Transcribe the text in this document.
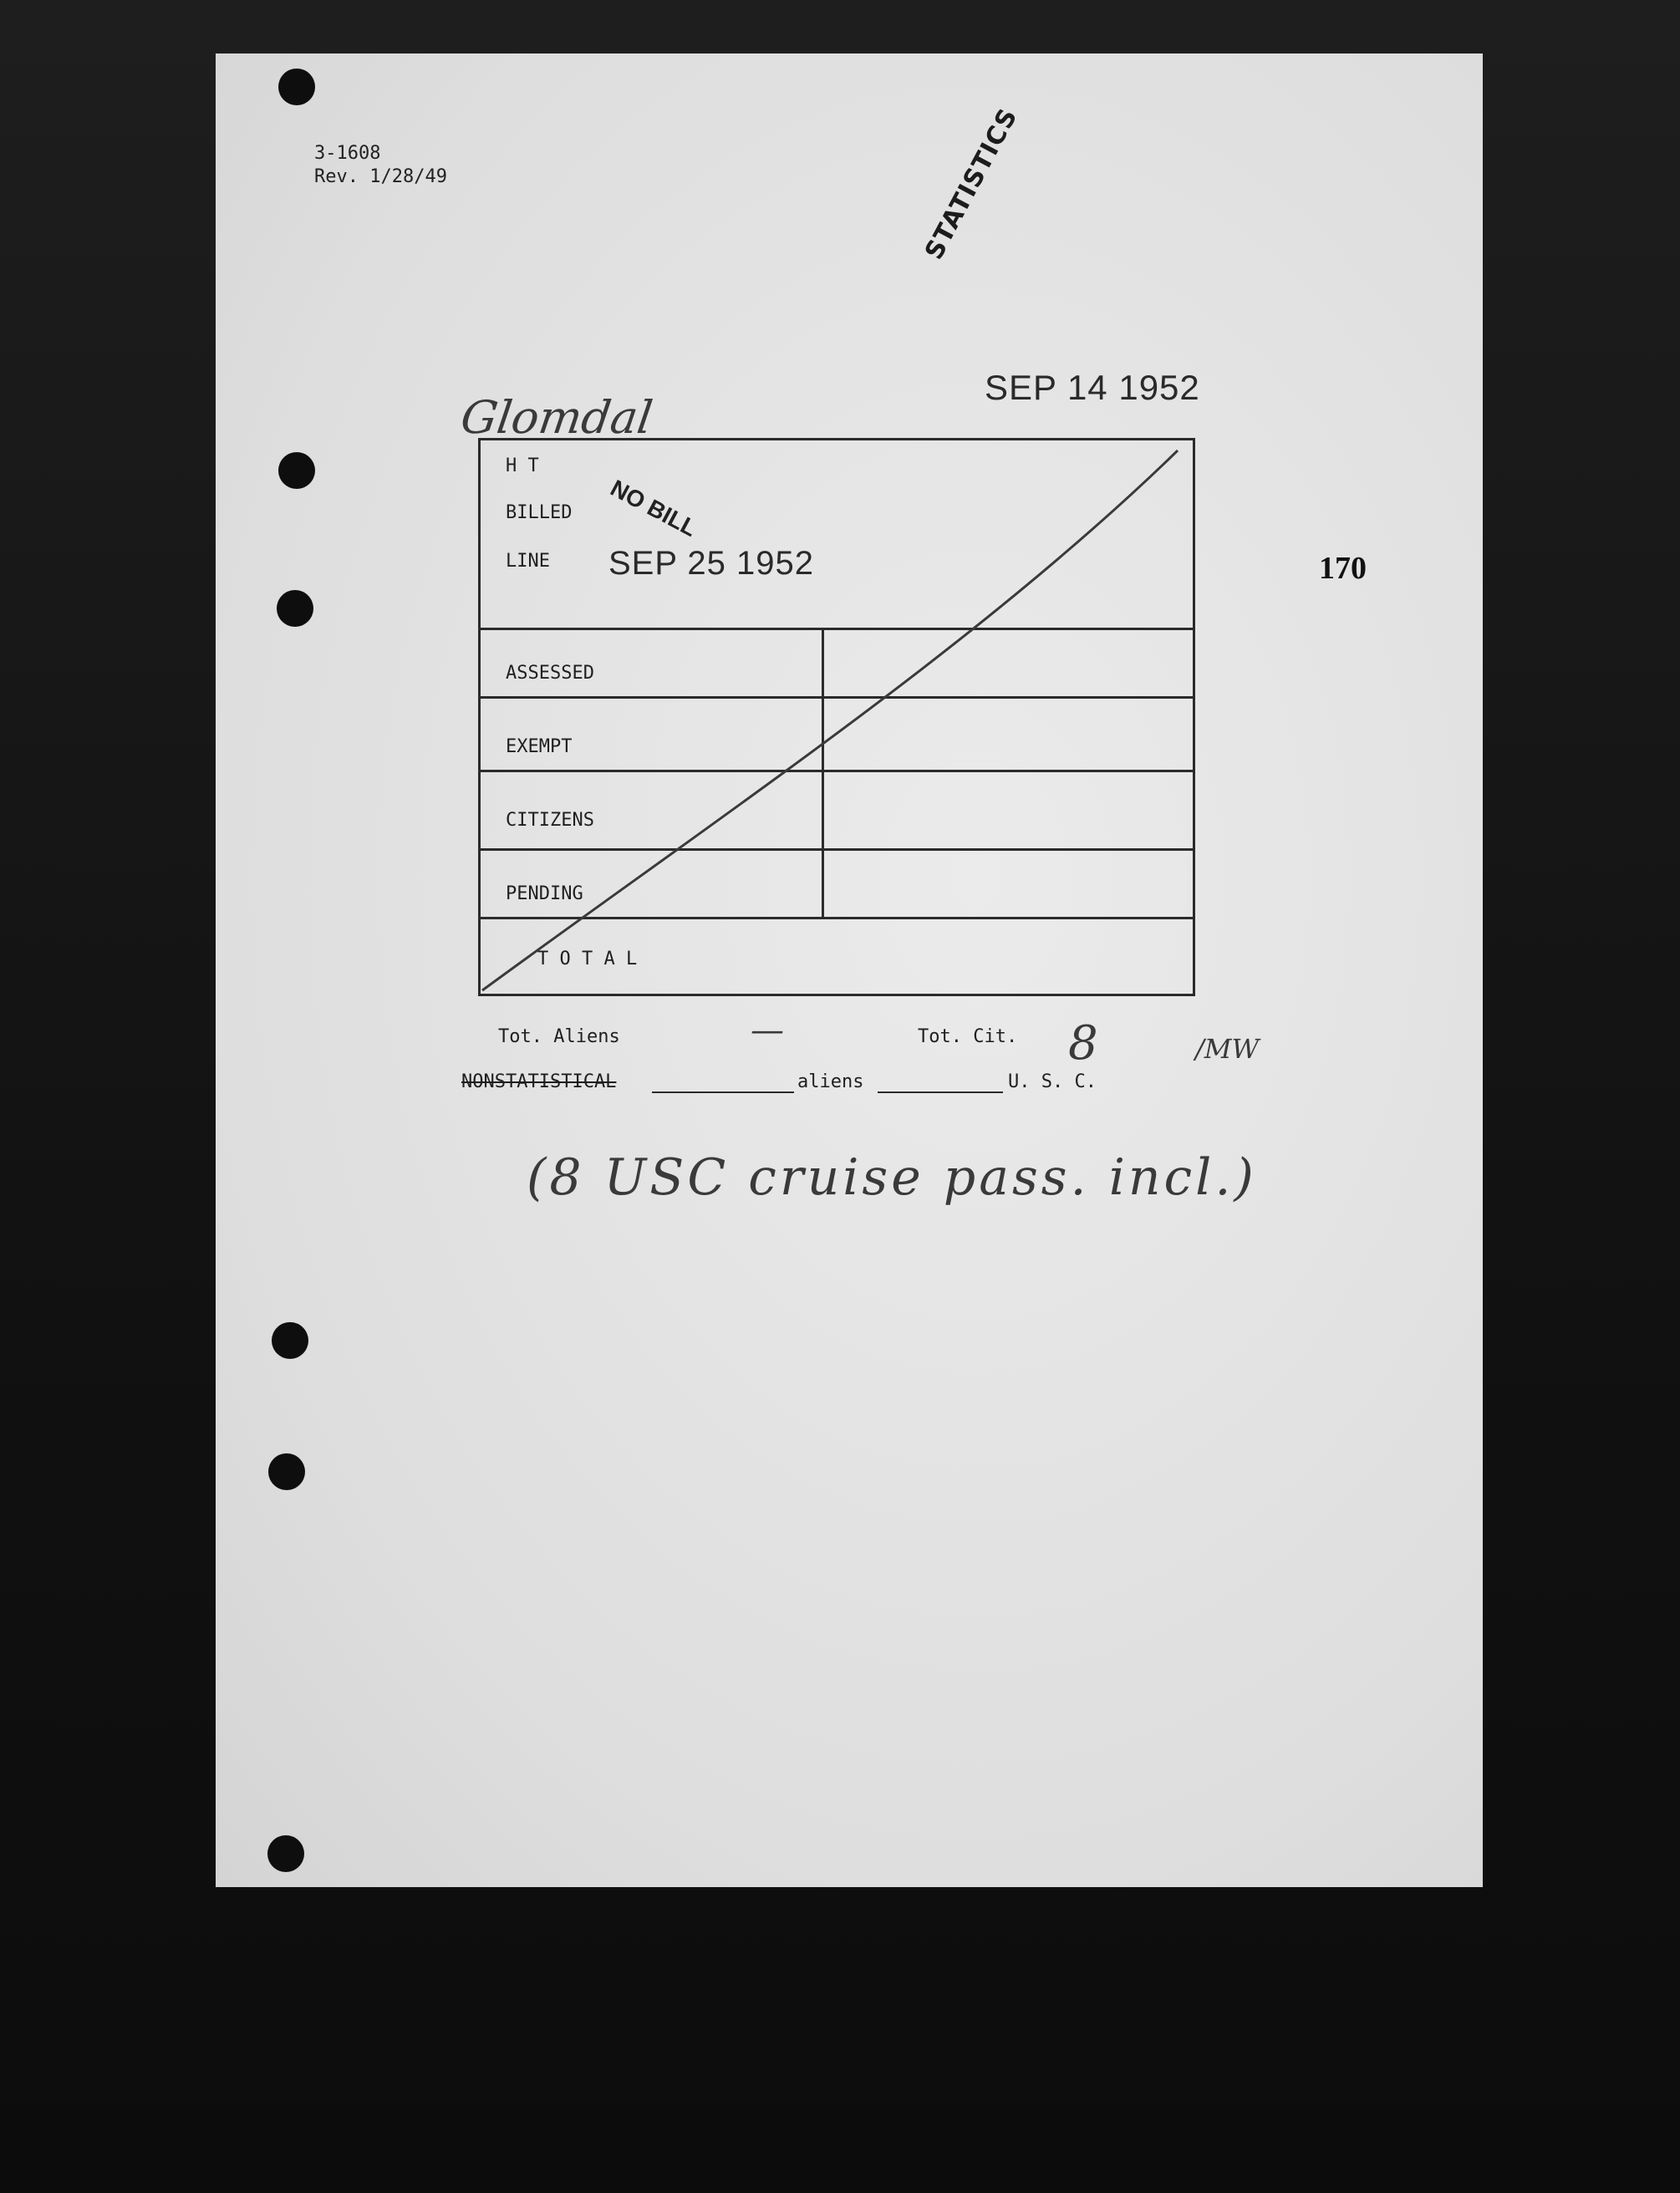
3-1608
Rev. 1/28/49	STATISTICS
SEP 14 1952
170
Glomdal
H T
BILLED
LINE
ASSESSED
EXEMPT
CITIZENS
PENDING
T O T A L
NO BILL
SEP 25 1952
Tot. Aliens	—	Tot. Cit. 8	/MW
NONSTATISTICAL	aliens	U. S. C.
(8 USC cruise pass. incl.)
